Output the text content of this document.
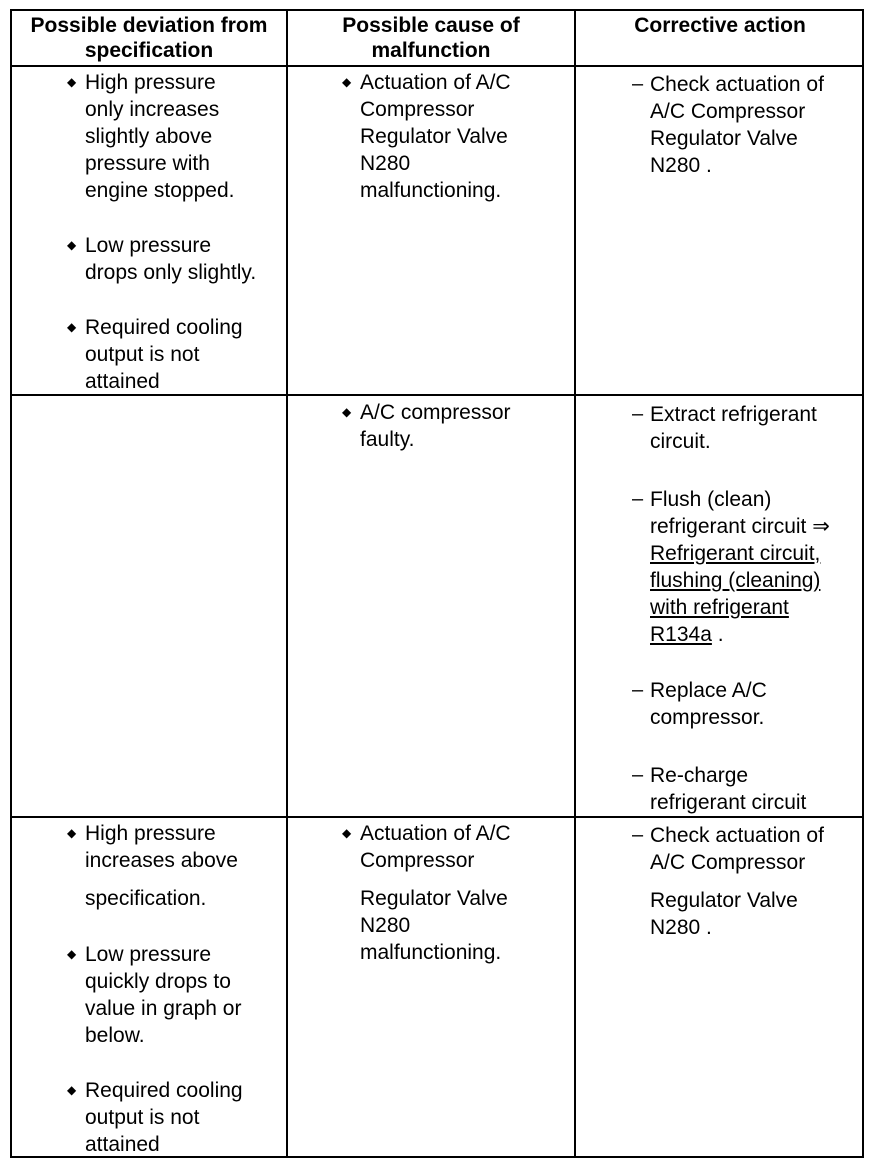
Possible deviation from
specification
Possible cause of
malfunction
Corrective action
◆ High pressure
only increases
slightly above
pressure with
engine stopped.
◆ Low pressure
drops only slightly.
◆ Required cooling
output is not
attained
◆ Actuation of A/C
Compressor
Regulator Valve
N280
malfunctioning.
– Check actuation of
A/C Compressor
Regulator Valve
N280 .
◆ A/C compressor
faulty.
– Extract refrigerant
circuit.
– Flush (clean)
refrigerant circuit ⇒
Refrigerant circuit,
flushing (cleaning)
with refrigerant
R134a .
– Replace A/C
compressor.
– Re-charge
refrigerant circuit
◆ High pressure
increases above
specification.
◆ Low pressure
quickly drops to
value in graph or
below.
◆ Required cooling
output is not
attained
◆ Actuation of A/C
Compressor
Regulator Valve
N280
malfunctioning.
– Check actuation of
A/C Compressor
Regulator Valve
N280 .
